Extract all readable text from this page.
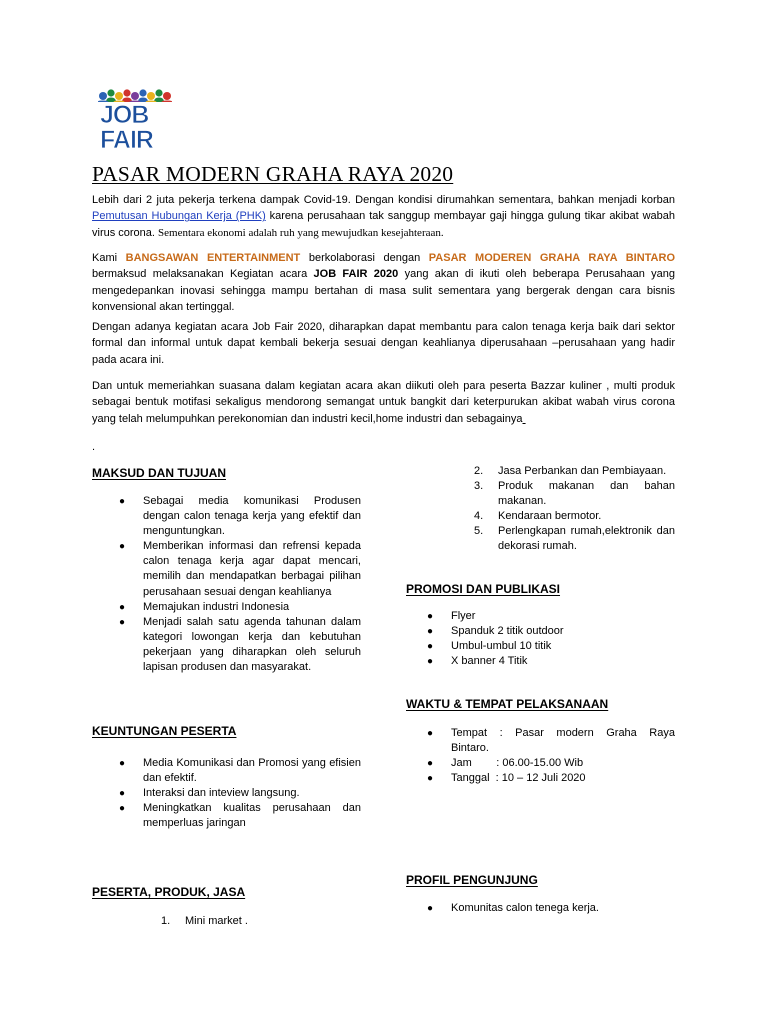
JOB
FAIR
PASAR MODERN GRAHA RAYA 2020

Lebih dari 2 juta pekerja terkena dampak Covid-19. Dengan kondisi dirumahkan sementara, bahkan menjadi korban Pemutusan Hubungan Kerja (PHK) karena perusahaan tak sanggup membayar gaji hingga gulung tikar akibat wabah virus corona. Sementara ekonomi adalah ruh yang mewujudkan kesejahteraan.

Kami BANGSAWAN ENTERTAINMENT berkolaborasi dengan PASAR MODEREN GRAHA RAYA BINTARO bermaksud melaksanakan Kegiatan acara JOB FAIR 2020 yang akan di ikuti oleh beberapa Perusahaan yang mengedepankan inovasi sehingga mampu bertahan di masa sulit sementara yang bergerak dengan cara bisnis konvensional akan tertinggal.

Dengan adanya kegiatan acara Job Fair 2020, diharapkan dapat membantu para calon tenaga kerja baik dari sektor formal dan informal untuk dapat kembali bekerja sesuai dengan keahlianya diperusahaan –perusahaan yang hadir pada acara ini.

Dan untuk memeriahkan suasana dalam kegiatan acara akan diikuti oleh para peserta Bazzar kuliner , multi produk sebagai bentuk motifasi sekaligus mendorong semangat untuk bangkit dari keterpurukan akibat wabah virus corona yang telah melumpuhkan perekonomian dan industri kecil,home industri dan sebagainya

.
MAKSUD DAN TUJUAN
● Sebagai media komunikasi Produsen dengan calon tenaga kerja yang efektif dan menguntungkan.
● Memberikan informasi dan refrensi kepada calon tenaga kerja agar dapat mencari, memilih dan mendapatkan berbagai pilihan perusahaan sesuai dengan keahlianya
● Memajukan industri Indonesia
● Menjadi salah satu agenda tahunan dalam kategori lowongan kerja dan kebutuhan pekerjaan yang diharapkan oleh seluruh lapisan produsen dan masyarakat.
KEUNTUNGAN PESERTA
● Media Komunikasi dan Promosi yang efisien dan efektif.
● Interaksi dan inteview langsung.
● Meningkatkan kualitas perusahaan dan memperluas jaringan
PESERTA, PRODUK, JASA
1. Mini market .
2. Jasa Perbankan dan Pembiayaan.
3. Produk makanan dan bahan makanan.
4. Kendaraan bermotor.
5. Perlengkapan rumah,elektronik dan dekorasi rumah.
PROMOSI DAN PUBLIKASI
● Flyer
● Spanduk 2 titik outdoor
● Umbul-umbul 10 titik
● X banner 4 Titik
WAKTU & TEMPAT PELAKSANAAN
● Tempat  :  Pasar  modern  Graha  Raya Bintaro.
● Jam        : 06.00-15.00 Wib
● Tanggal  : 10 – 12 Juli 2020
PROFIL PENGUNJUNG
● Komunitas calon tenega kerja.
